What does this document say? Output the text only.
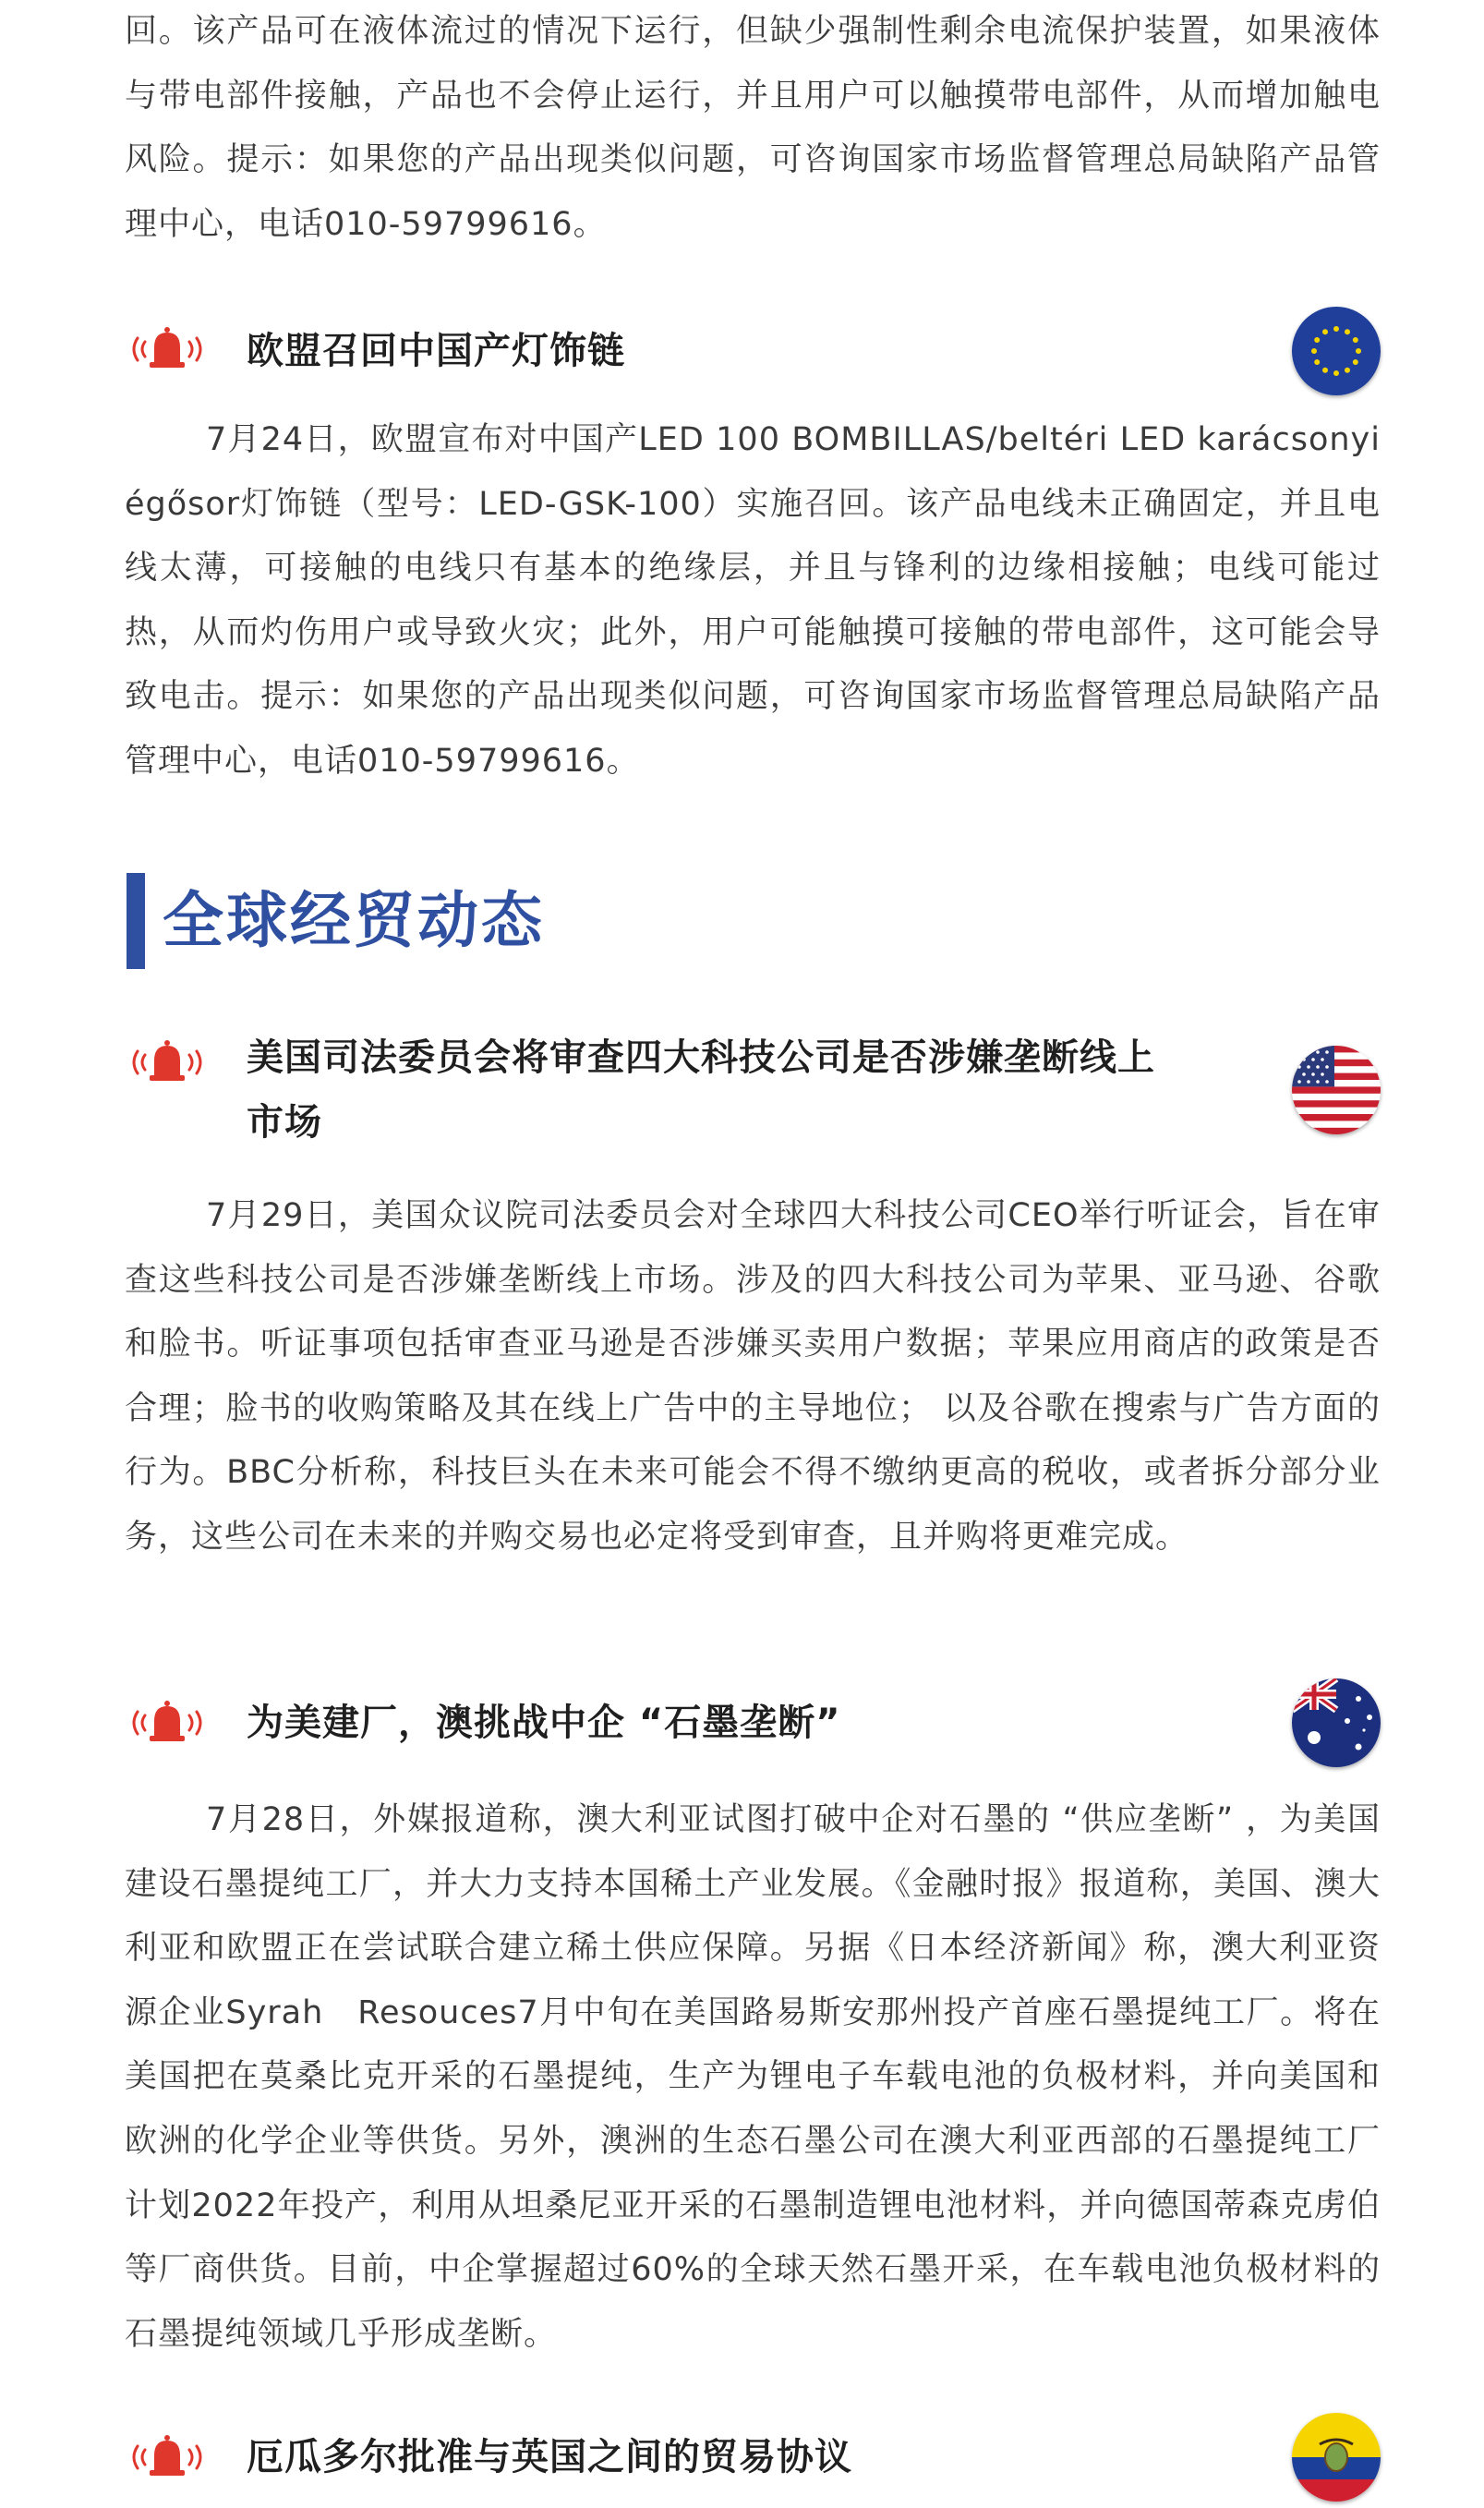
回。该产品可在液体流过的情况下运行，但缺少强制性剩余电流保护装置，如果液体与带电部件接触，产品也不会停止运行，并且用户可以触摸带电部件，从而增加触电风险。提示：如果您的产品出现类似问题，可咨询国家市场监督管理总局缺陷产品管理中心，电话010-59799616。

欧盟召回中国产灯饰链

7月24日，欧盟宣布对中国产LED 100 BOMBILLAS/beltéri LED karácsonyi égősor灯饰链（型号：LED-GSK-100）实施召回。该产品电线未正确固定，并且电线太薄，可接触的电线只有基本的绝缘层，并且与锋利的边缘相接触；电线可能过热，从而灼伤用户或导致火灾；此外，用户可能触摸可接触的带电部件，这可能会导致电击。提示：如果您的产品出现类似问题，可咨询国家市场监督管理总局缺陷产品管理中心，电话010-59799616。

全球经贸动态

美国司法委员会将审查四大科技公司是否涉嫌垄断线上
市场

7月29日，美国众议院司法委员会对全球四大科技公司CEO举行听证会，旨在审查这些科技公司是否涉嫌垄断线上市场。涉及的四大科技公司为苹果、亚马逊、谷歌和脸书。听证事项包括审查亚马逊是否涉嫌买卖用户数据；苹果应用商店的政策是否合理；脸书的收购策略及其在线上广告中的主导地位； 以及谷歌在搜索与广告方面的行为。BBC分析称，科技巨头在未来可能会不得不缴纳更高的税收，或者拆分部分业务，这些公司在未来的并购交易也必定将受到审查，且并购将更难完成。

为美建厂，澳挑战中企 “石墨垄断”

7月28日，外媒报道称，澳大利亚试图打破中企对石墨的 “供应垄断” ，为美国建设石墨提纯工厂，并大力支持本国稀土产业发展。《金融时报》报道称，美国、澳大利亚和欧盟正在尝试联合建立稀土供应保障。另据《日本经济新闻》称，澳大利亚资源企业Syrah　Resouces7月中旬在美国路易斯安那州投产首座石墨提纯工厂。将在美国把在莫桑比克开采的石墨提纯，生产为锂电子车载电池的负极材料，并向美国和欧洲的化学企业等供货。另外，澳洲的生态石墨公司在澳大利亚西部的石墨提纯工厂计划2022年投产，利用从坦桑尼亚开采的石墨制造锂电池材料，并向德国蒂森克虏伯等厂商供货。目前，中企掌握超过60%的全球天然石墨开采，在车载电池负极材料的石墨提纯领域几乎形成垄断。

厄瓜多尔批准与英国之间的贸易协议
